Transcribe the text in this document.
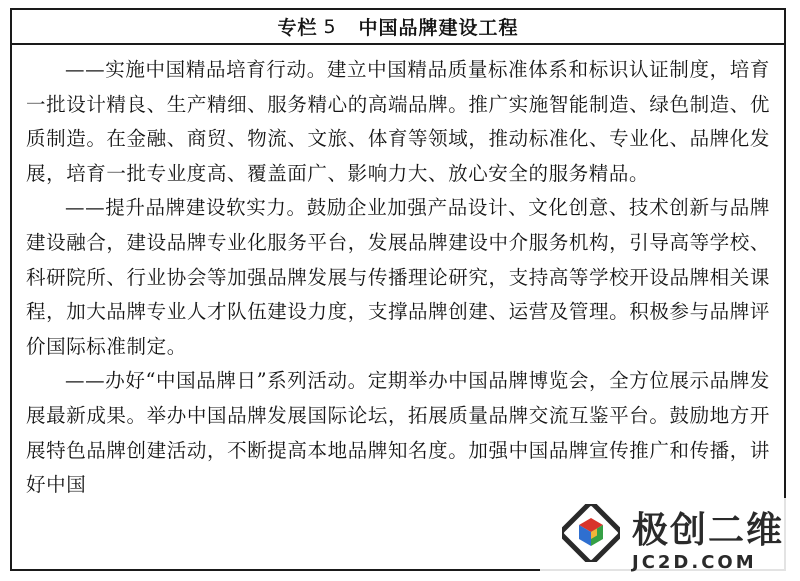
专栏 5 中国品牌建设工程

——实施中国精品培育行动。建立中国精品质量标准体系和标识认证制度，培育一批设计精良、生产精细、服务精心的高端品牌。推广实施智能制造、绿色制造、优质制造。在金融、商贸、物流、文旅、体育等领域，推动标准化、专业化、品牌化发展，培育一批专业度高、覆盖面广、影响力大、放心安全的服务精品。

——提升品牌建设软实力。鼓励企业加强产品设计、文化创意、技术创新与品牌建设融合，建设品牌专业化服务平台，发展品牌建设中介服务机构，引导高等学校、科研院所、行业协会等加强品牌发展与传播理论研究，支持高等学校开设品牌相关课程，加大品牌专业人才队伍建设力度，支撑品牌创建、运营及管理。积极参与品牌评价国际标准制定。

——办好“中国品牌日”系列活动。定期举办中国品牌博览会，全方位展示品牌发展最新成果。举办中国品牌发展国际论坛，拓展质量品牌交流互鉴平台。鼓励地方开展特色品牌创建活动，不断提高本地品牌知名度。加强中国品牌宣传推广和传播，讲好中国

极创二维
JC2D.COM
